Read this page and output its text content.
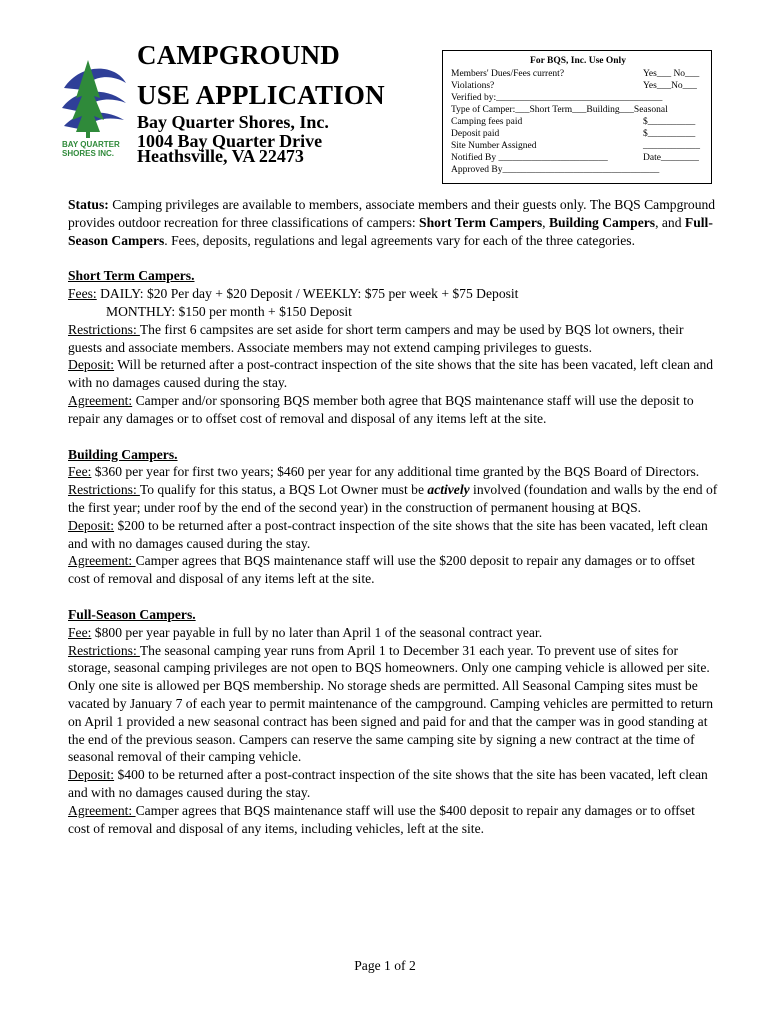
BAY QUARTER
SHORES INC.
CAMPGROUND
USE APPLICATION
Bay Quarter Shores, Inc.
1004 Bay Quarter Drive
Heathsville, VA 22473
For BQS, Inc. Use Only
Members' Dues/Fees current?	Yes___ No___
Violations?	Yes___No___
Verified by:___________________________________
Type of Camper:___Short Term___Building___Seasonal
Camping fees paid	$__________
Deposit paid	$__________
Site Number Assigned	____________
Notified By _______________________	Date________
Approved By_________________________________

Status: Camping privileges are available to members, associate members and their guests only. The BQS Campground provides outdoor recreation for three classifications of campers: Short Term Campers, Building Campers, and Full-Season Campers. Fees, deposits, regulations and legal agreements vary for each of the three categories.

Short Term Campers.

Fees: DAILY: $20 Per day + $20 Deposit / WEEKLY: $75 per week + $75 Deposit

MONTHLY: $150 per month + $150 Deposit

Restrictions: The first 6 campsites are set aside for short term campers and may be used by BQS lot owners, their guests and associate members. Associate members may not extend camping privileges to guests.

Deposit: Will be returned after a post-contract inspection of the site shows that the site has been vacated, left clean and with no damages caused during the stay.

Agreement: Camper and/or sponsoring BQS member both agree that BQS maintenance staff will use the deposit to repair any damages or to offset cost of removal and disposal of any items left at the site.

Building Campers.

Fee: $360 per year for first two years; $460 per year for any additional time granted by the BQS Board of Directors.

Restrictions: To qualify for this status, a BQS Lot Owner must be actively involved (foundation and walls by the end of the first year; under roof by the end of the second year) in the construction of permanent housing at BQS.

Deposit: $200 to be returned after a post-contract inspection of the site shows that the site has been vacated, left clean and with no damages caused during the stay.

Agreement: Camper agrees that BQS maintenance staff will use the $200 deposit to repair any damages or to offset cost of removal and disposal of any items left at the site.

Full-Season Campers.

Fee: $800 per year payable in full by no later than April 1 of the seasonal contract year.

Restrictions: The seasonal camping year runs from April 1 to December 31 each year. To prevent use of sites for storage, seasonal camping privileges are not open to BQS homeowners. Only one camping vehicle is allowed per site. Only one site is allowed per BQS membership. No storage sheds are permitted. All Seasonal Camping sites must be vacated by January 7 of each year to permit maintenance of the campground. Camping vehicles are permitted to return on April 1 provided a new seasonal contract has been signed and paid for and that the camper was in good standing at the end of the previous season. Campers can reserve the same camping site by signing a new contract at the time of seasonal removal of their camping vehicle.

Deposit: $400 to be returned after a post-contract inspection of the site shows that the site has been vacated, left clean and with no damages caused during the stay.

Agreement: Camper agrees that BQS maintenance staff will use the $400 deposit to repair any damages or to offset cost of removal and disposal of any items, including vehicles, left at the site.

Page 1 of 2
